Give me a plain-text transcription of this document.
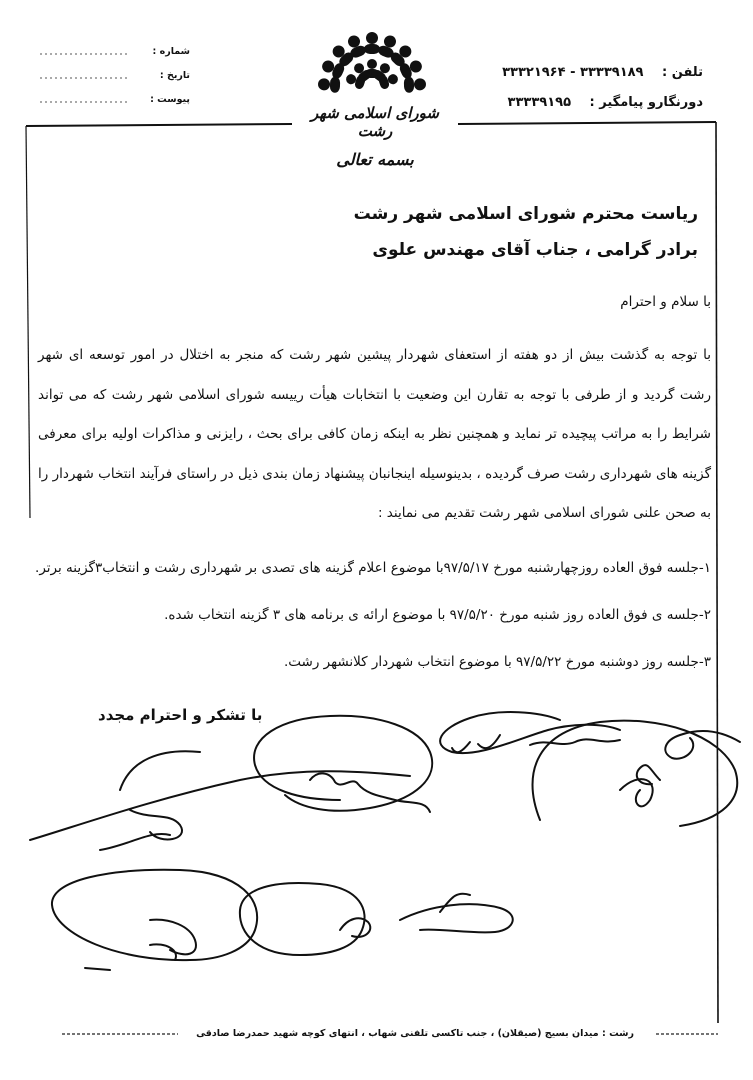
تلفن : ۳۳۳۳۹۱۸۹ - ۳۳۳۲۱۹۶۴
دورنگارو پیامگیر : ۳۳۳۳۹۱۹۵
شماره :
تاریخ :
پیوست :
شورای اسلامی شهر رشت
بسمه تعالی
ریاست محترم شورای اسلامی شهر رشت
برادر گرامی ، جناب آقای مهندس علوی
با سلام و احترام
با توجه به گذشت بیش از دو هفته از استعفای شهردار پیشین شهر رشت که منجر به اختلال در امور توسعه ای شهر رشت گردید و از طرفی با توجه به تقارن این وضعیت با انتخابات هیأت رییسه شورای اسلامی شهر رشت که می تواند شرایط را به مراتب پیچیده تر نماید و همچنین نظر به اینکه زمان کافی برای بحث ، رایزنی و مذاکرات اولیه برای معرفی گزینه های شهرداری رشت صرف گردیده ، بدینوسیله اینجانبان پیشنهاد زمان بندی ذیل در راستای فرآیند انتخاب شهردار را به صحن علنی شورای اسلامی شهر رشت تقدیم می نمایند :
۱-جلسه فوق العاده روزچهارشنبه مورخ ۹۷/۵/۱۷با موضوع اعلام گزینه های تصدی بر شهرداری رشت و انتخاب۳گزینه برتر.
۲-جلسه ی فوق العاده روز شنبه مورخ ۹۷/۵/۲۰ با موضوع ارائه ی برنامه های ۳ گزینه انتخاب شده.
۳-جلسه روز دوشنبه مورخ ۹۷/۵/۲۲ با موضوع انتخاب شهردار کلانشهر رشت.
با تشکر و احترام مجدد
رشت : میدان بسیج (صیقلان) ، جنب تاکسی تلفنی شهاب ، انتهای کوچه شهید حمدرضا صادقی
